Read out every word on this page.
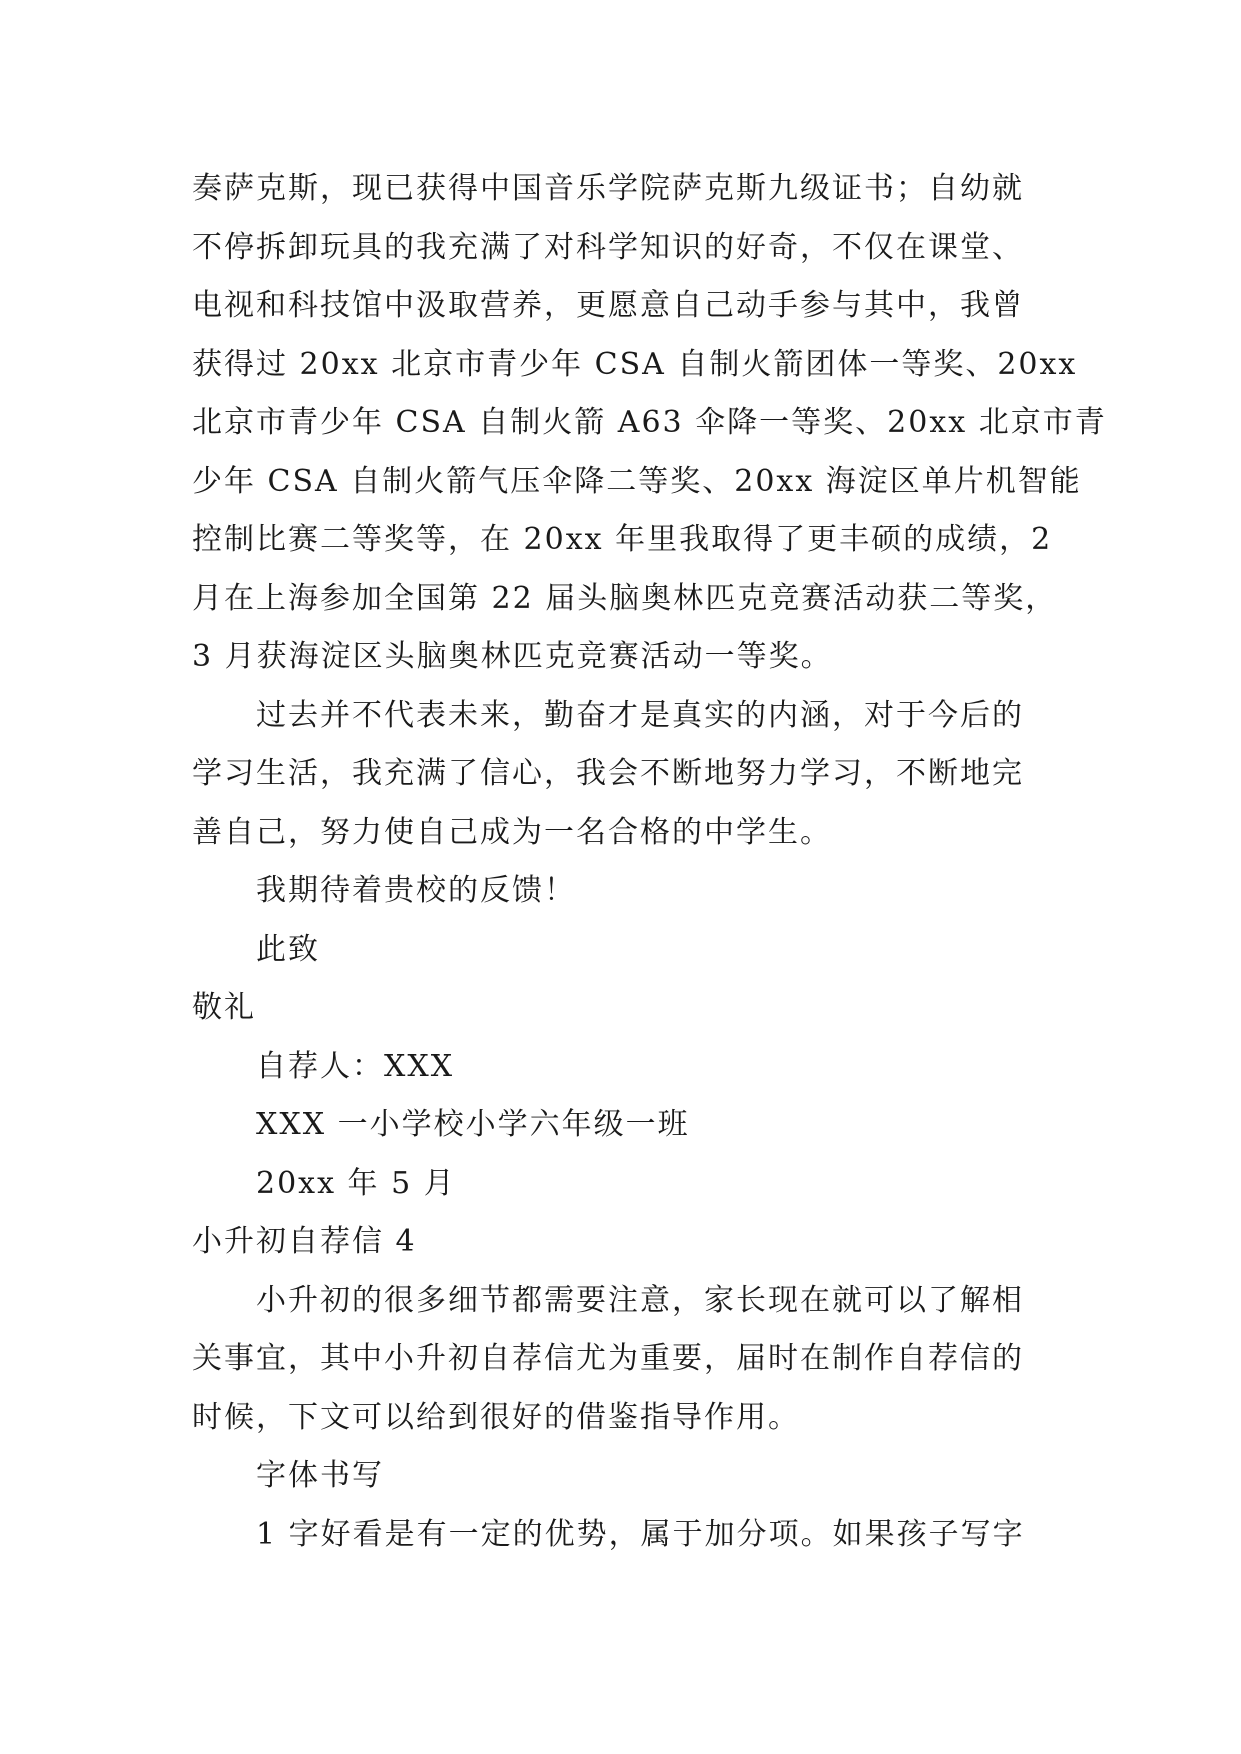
奏萨克斯，现已获得中国音乐学院萨克斯九级证书；自幼就
不停拆卸玩具的我充满了对科学知识的好奇，不仅在课堂、
电视和科技馆中汲取营养，更愿意自己动手参与其中，我曾
获得过 20xx 北京市青少年 CSA 自制火箭团体一等奖、20xx
北京市青少年 CSA 自制火箭 A63 伞降一等奖、20xx 北京市青
少年 CSA 自制火箭气压伞降二等奖、20xx 海淀区单片机智能
控制比赛二等奖等，在 20xx 年里我取得了更丰硕的成绩，2
月在上海参加全国第 22 届头脑奥林匹克竞赛活动获二等奖，
3 月获海淀区头脑奥林匹克竞赛活动一等奖。
过去并不代表未来，勤奋才是真实的内涵，对于今后的
学习生活，我充满了信心，我会不断地努力学习，不断地完
善自己，努力使自己成为一名合格的中学生。
我期待着贵校的反馈！
此致
敬礼
自荐人：XXX
XXX 一小学校小学六年级一班
20xx 年 5 月
小升初自荐信 4
小升初的很多细节都需要注意，家长现在就可以了解相
关事宜，其中小升初自荐信尤为重要，届时在制作自荐信的
时候，下文可以给到很好的借鉴指导作用。
字体书写
1 字好看是有一定的优势，属于加分项。如果孩子写字
